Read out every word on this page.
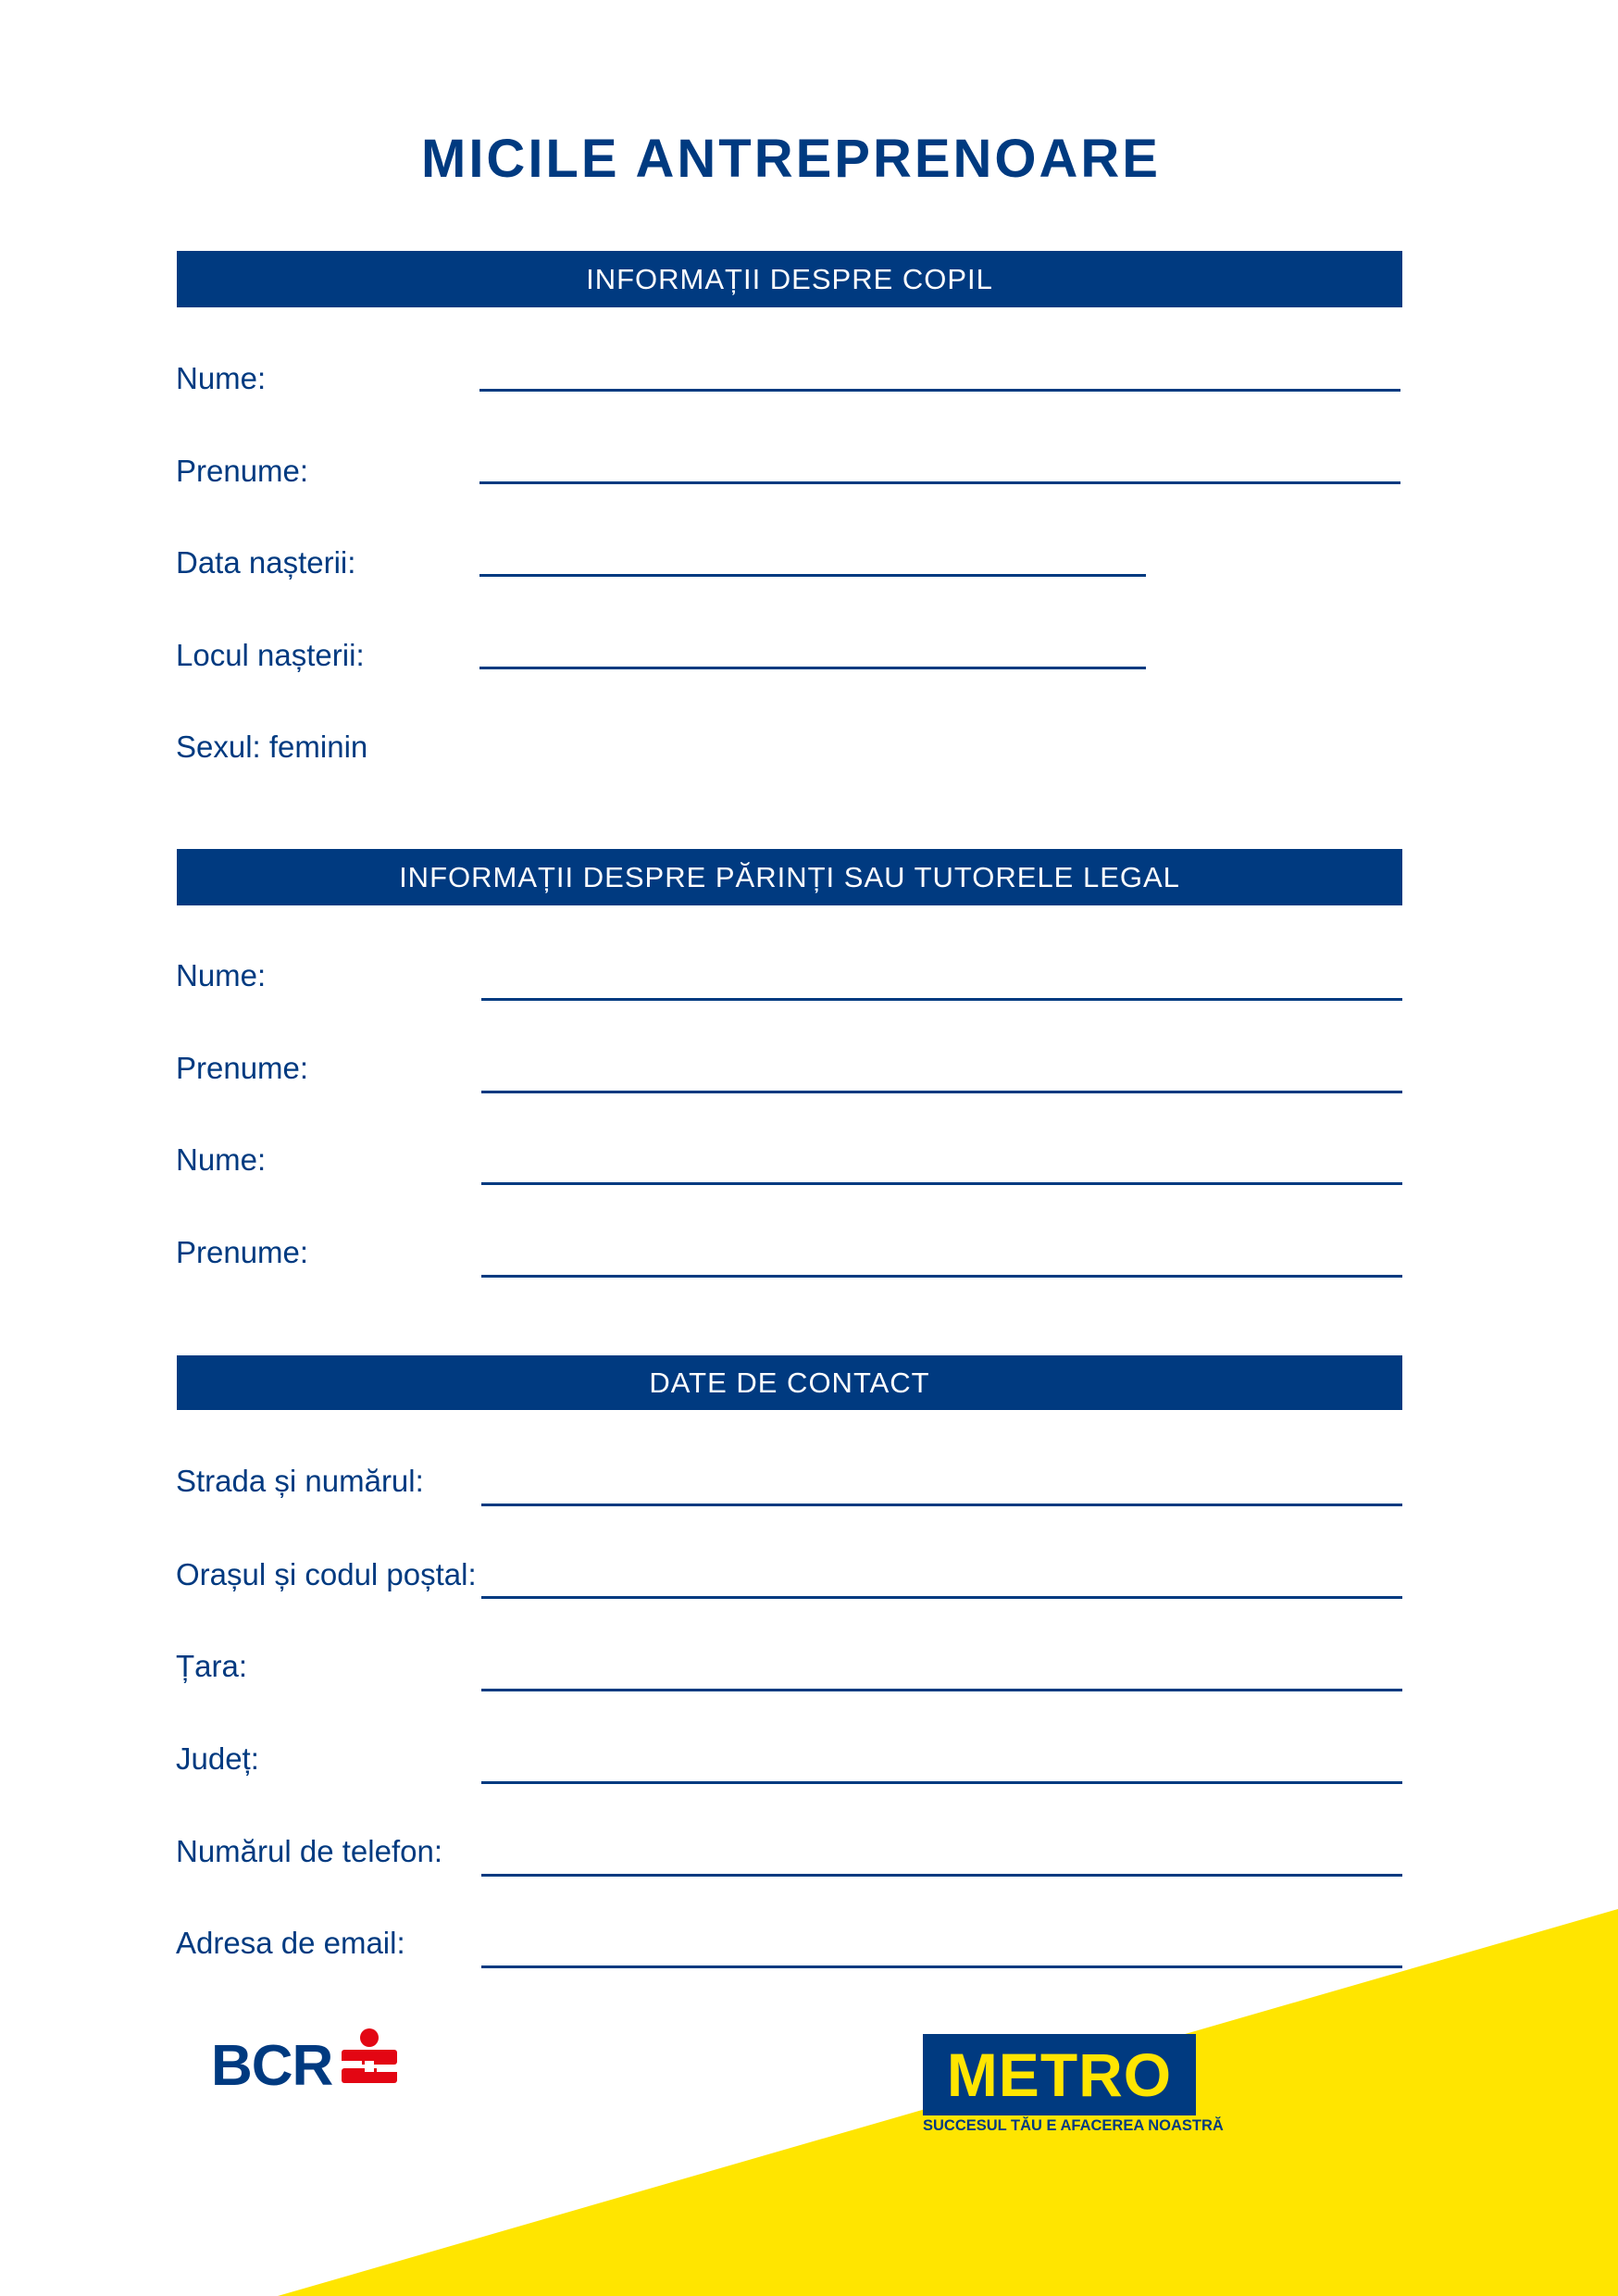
MICILE ANTREPRENOARE
INFORMAȚII DESPRE COPIL
Nume:
Prenume:
Data nașterii:
Locul nașterii:
Sexul: feminin
INFORMAȚII DESPRE PĂRINȚI SAU TUTORELE LEGAL
Nume:
Prenume:
Nume:
Prenume:
DATE DE CONTACT
Strada și numărul:
Orașul și codul poștal:
Țara:
Județ:
Numărul de telefon:
Adresa de email:
BCR	METRO
SUCCESUL TĂU E AFACEREA NOASTRĂ
